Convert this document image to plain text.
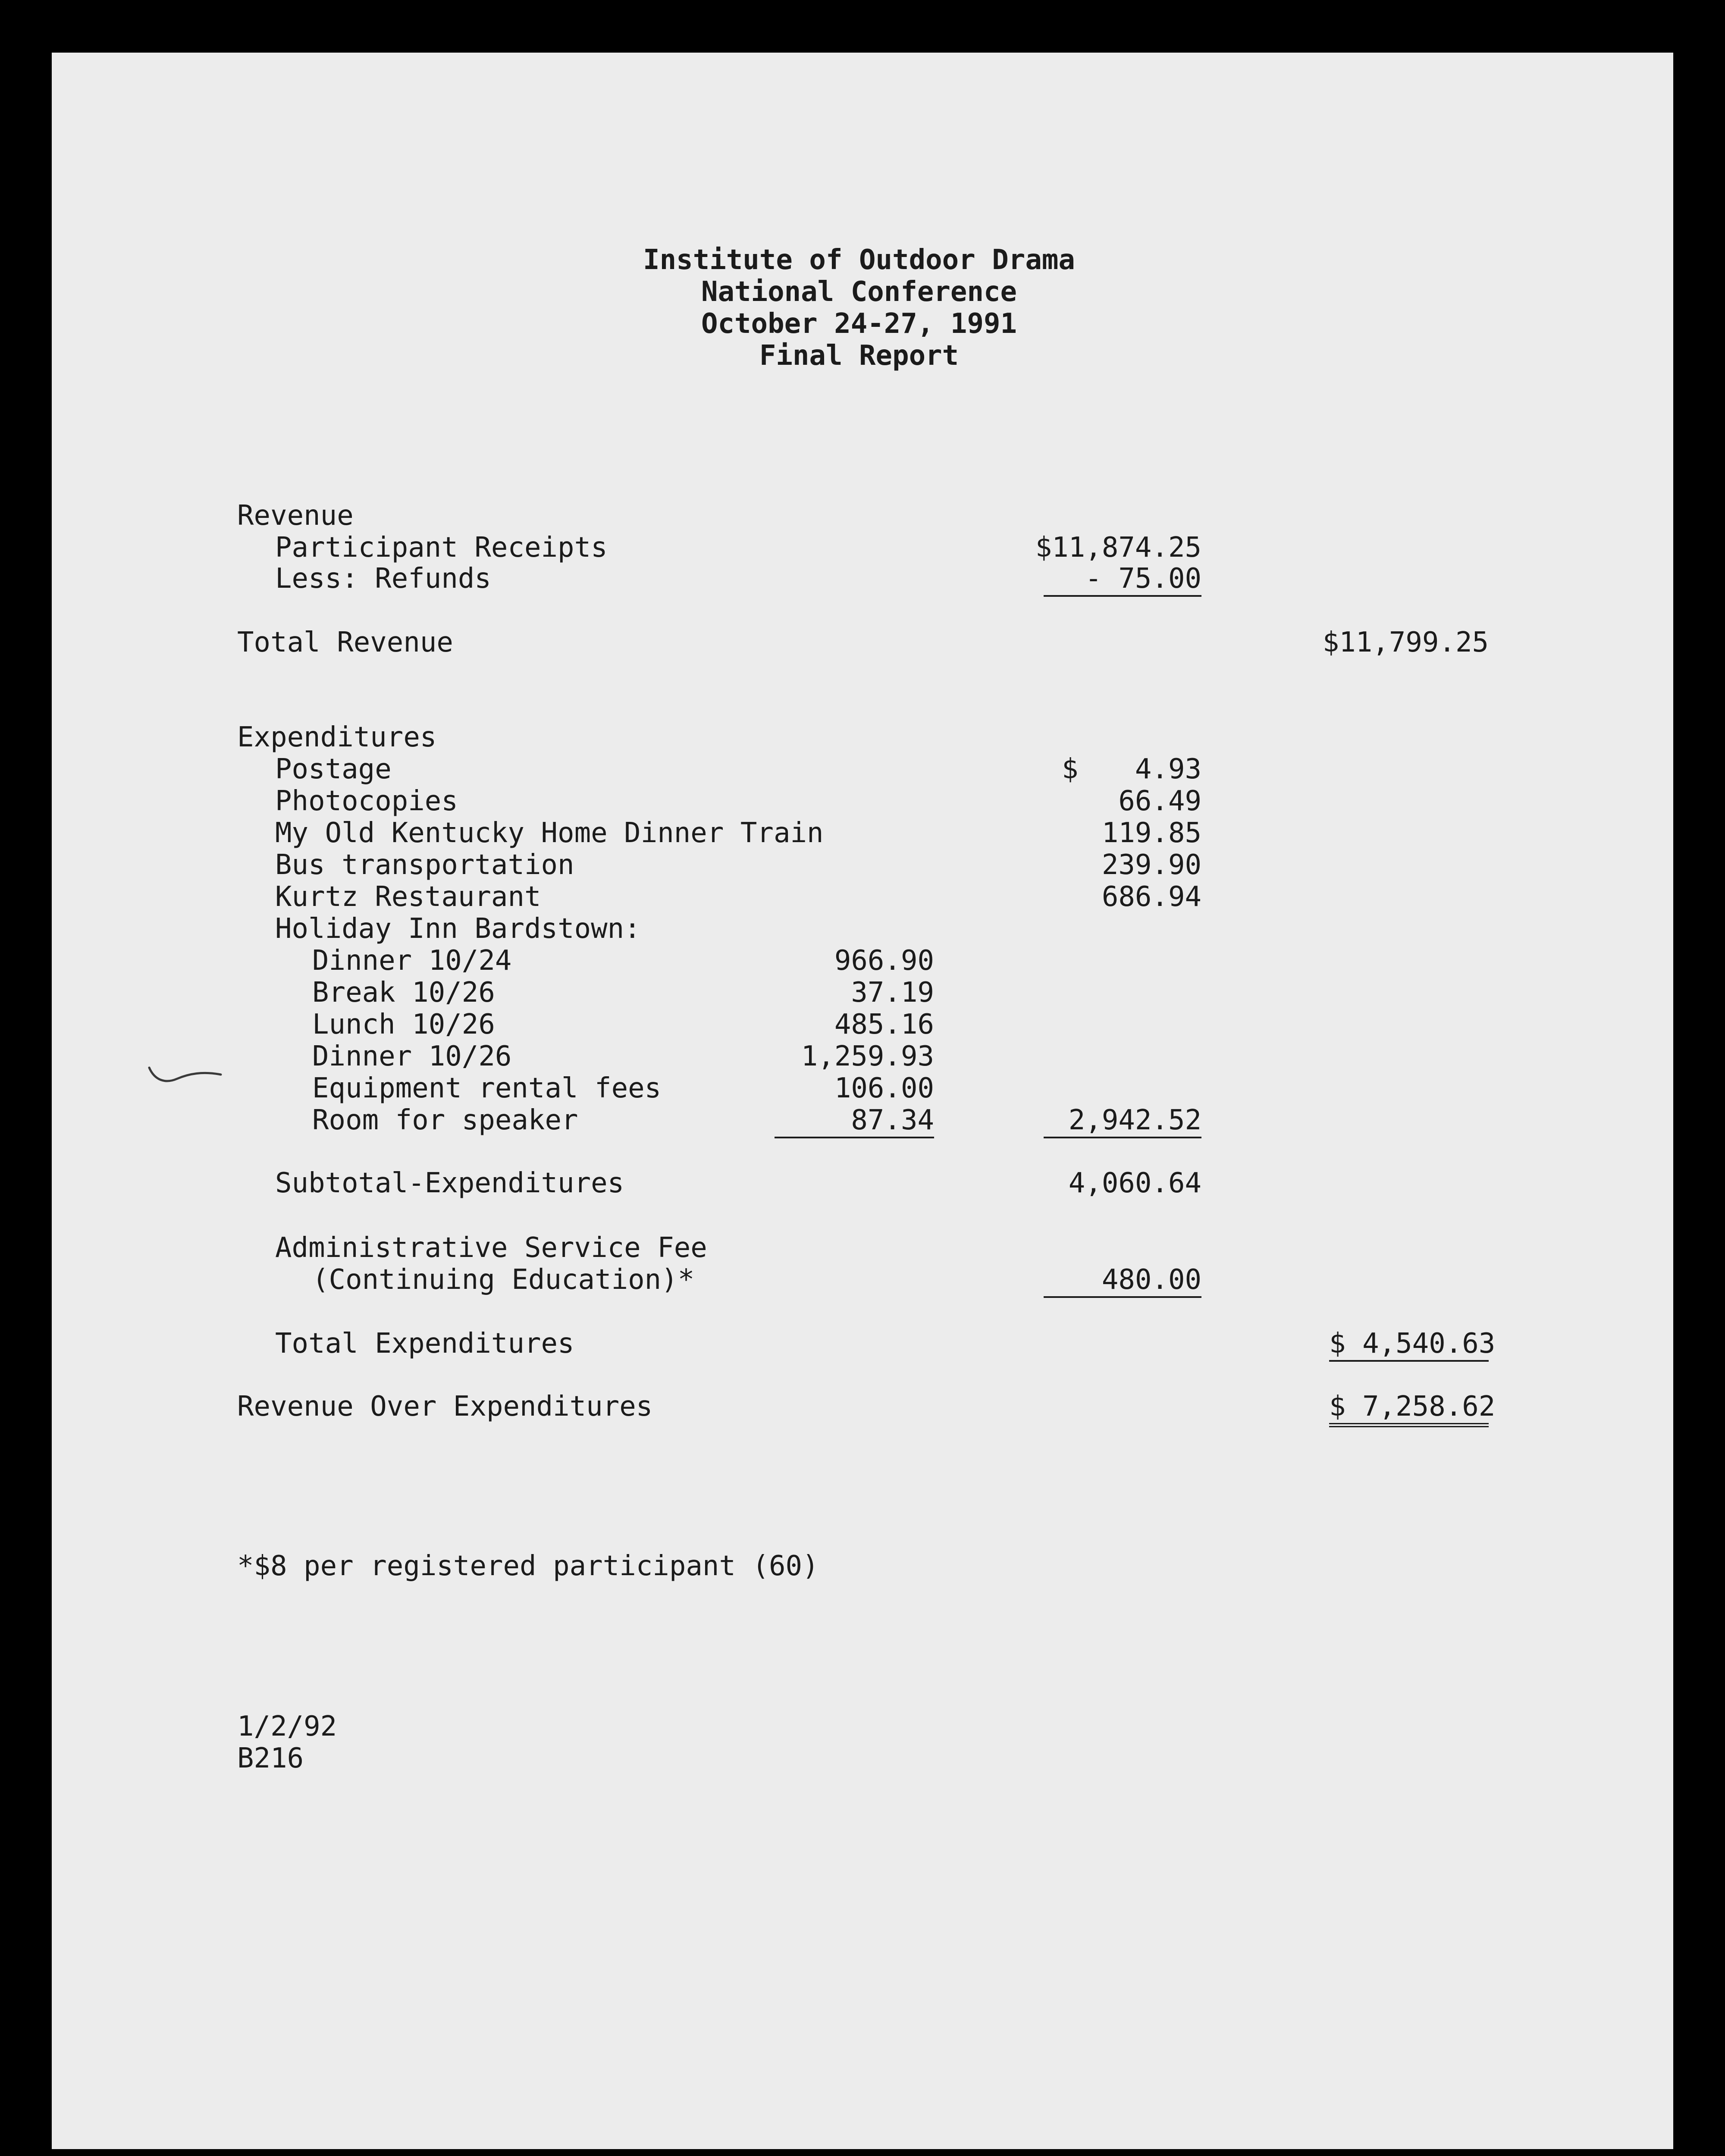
Institute of Outdoor Drama
National Conference
October 24-27, 1991
Final Report
Revenue
Participant Receipts	$11,874.25
Less: Refunds	- 75.00
Total Revenue	$11,799.25
Expenditures
Postage	$	4.93
Photocopies	66.49
My Old Kentucky Home Dinner Train	119.85
Bus transportation	239.90
Kurtz Restaurant	686.94
Holiday Inn Bardstown:
Dinner 10/24	966.90
Break 10/26	37.19
Lunch 10/26	485.16
Dinner 10/26	1,259.93
Equipment rental fees	106.00
Room for speaker	87.34	2,942.52
Subtotal-Expenditures	4,060.64
Administrative Service Fee
(Continuing Education)*	480.00
Total Expenditures	$ 4,540.63
Revenue Over Expenditures	$ 7,258.62
*$8 per registered participant (60)
1/2/92
B216
